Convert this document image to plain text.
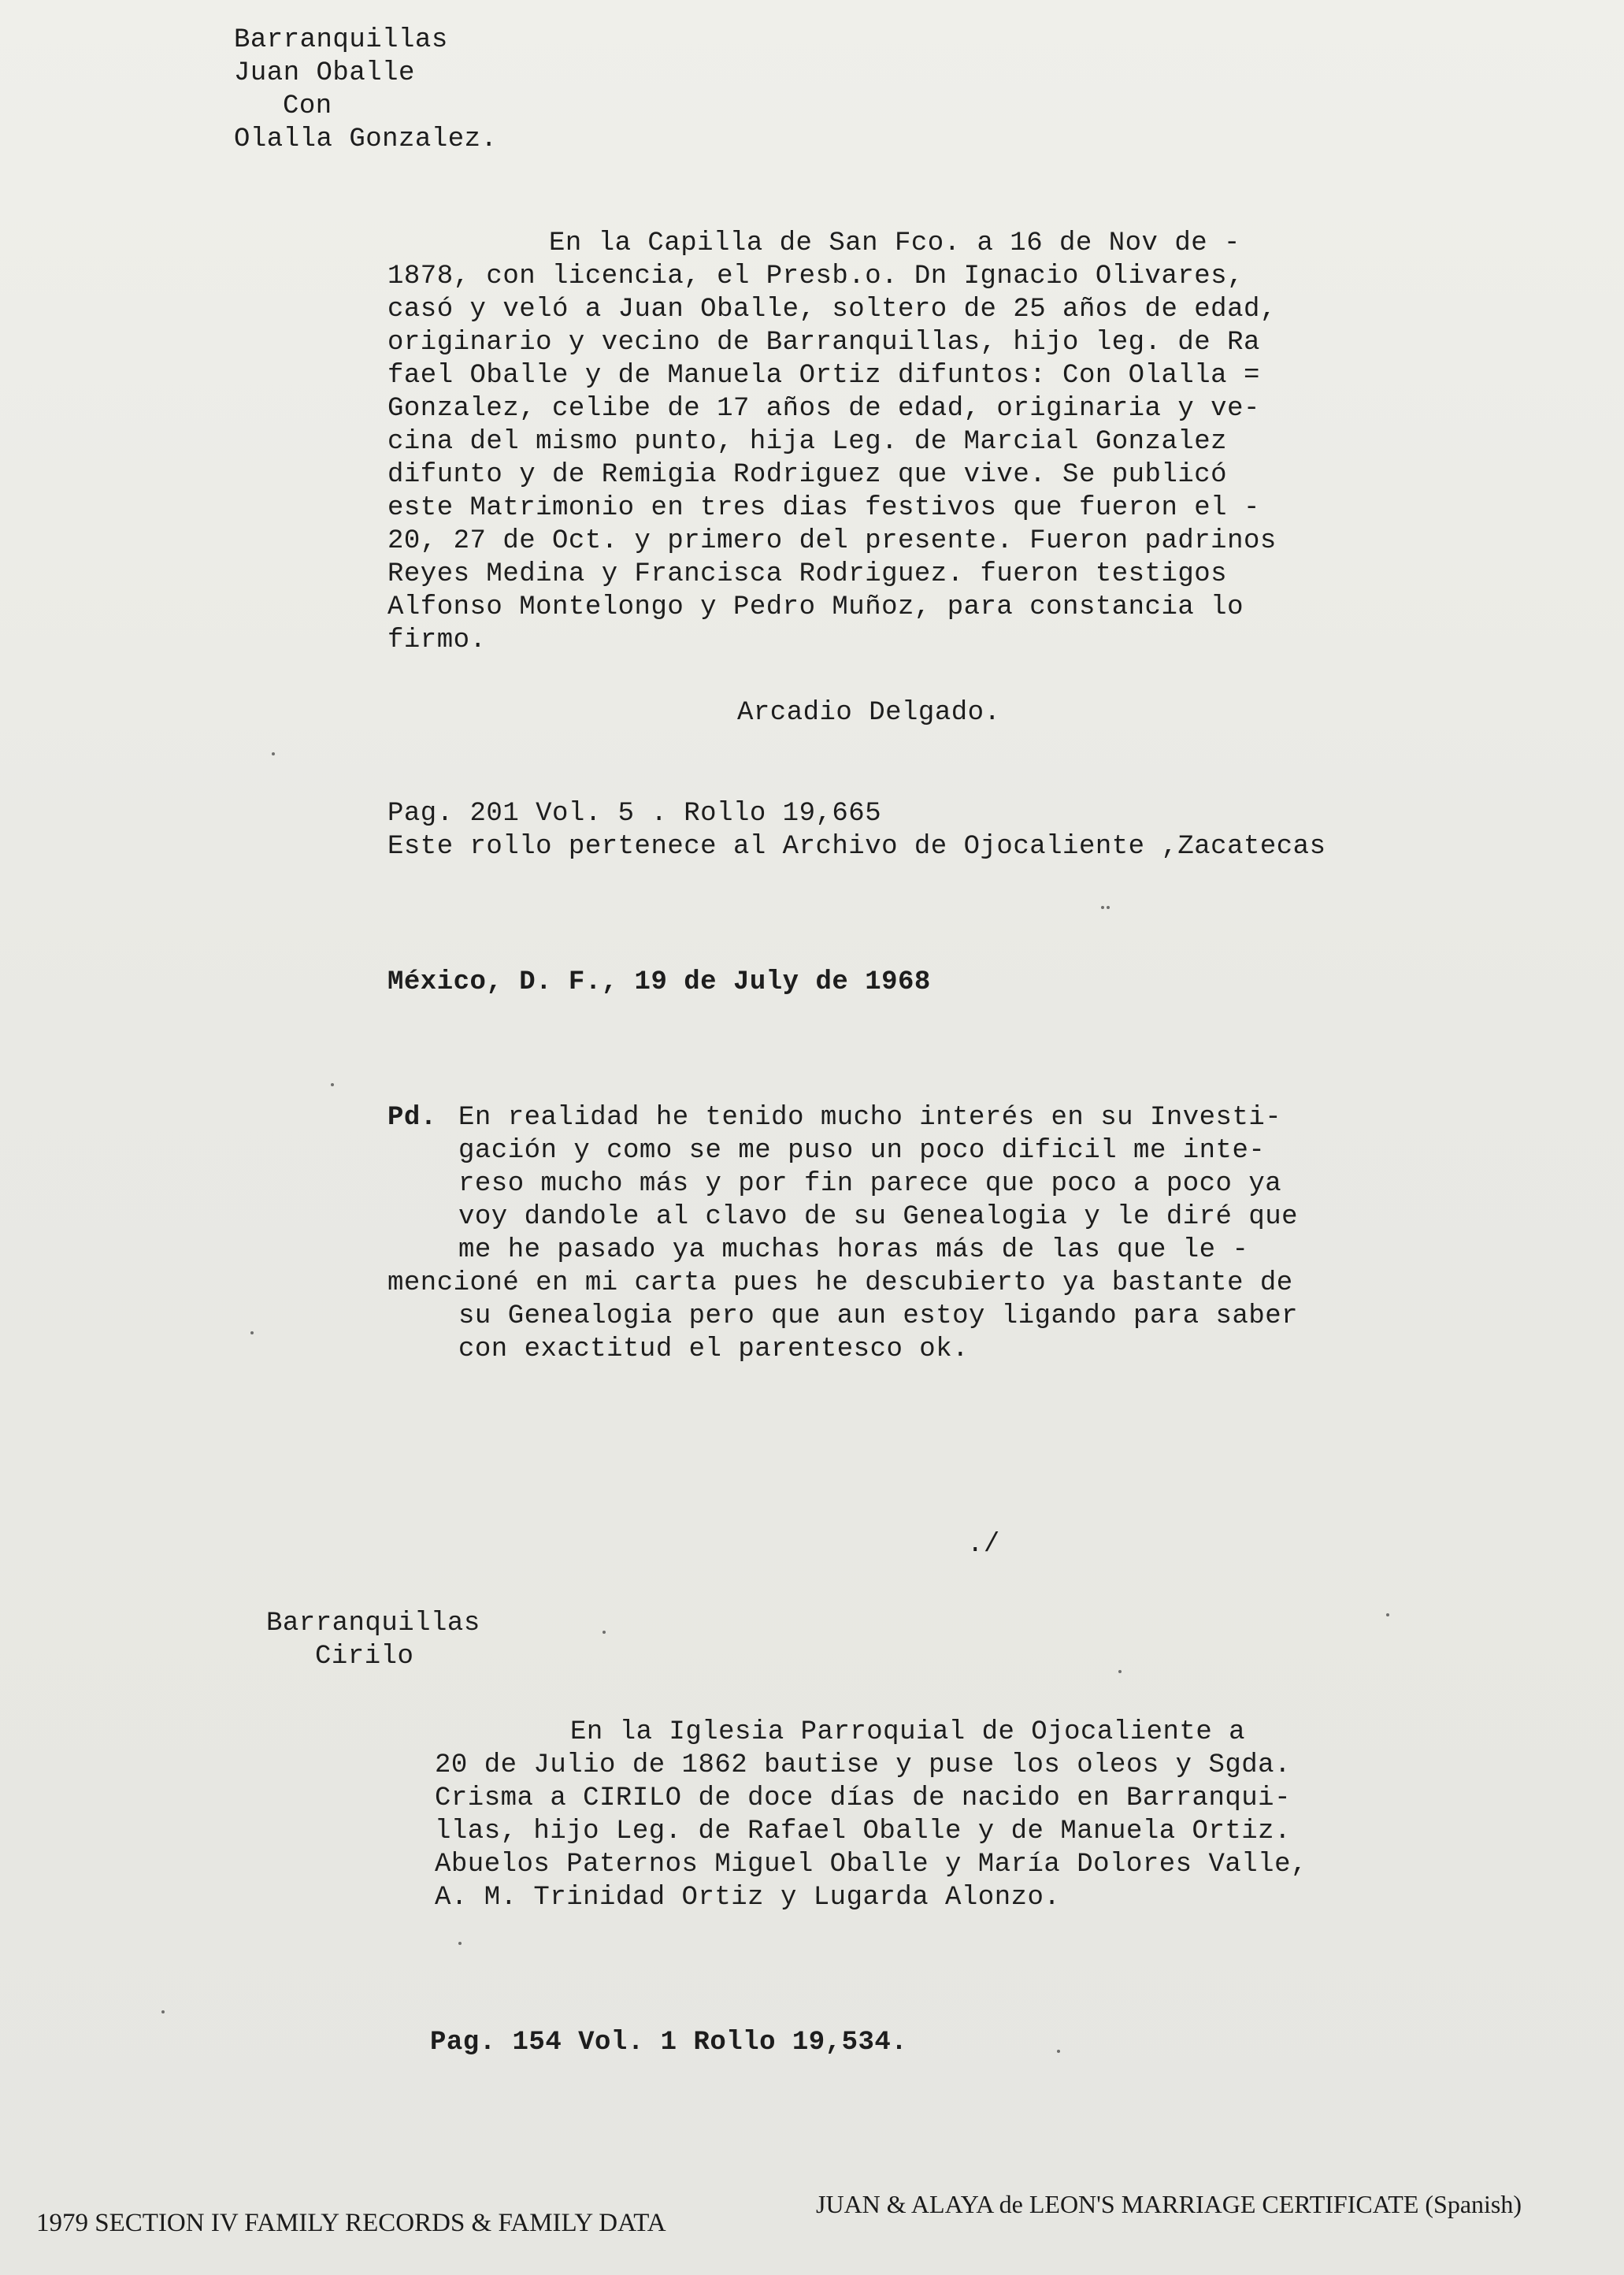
Barranquillas
Juan Oballe
Con
Olalla Gonzalez.
En la Capilla de San Fco. a 16 de Nov de -
1878, con licencia, el Presb.o. Dn Ignacio Olivares,
casó y veló a Juan Oballe, soltero de 25 años de edad,
originario y vecino de Barranquillas, hijo leg. de Ra
fael Oballe y de Manuela Ortiz difuntos: Con Olalla =
Gonzalez, celibe de 17 años de edad, originaria y ve-
cina del mismo punto, hija Leg. de Marcial Gonzalez
difunto y de Remigia Rodriguez que vive. Se publicó
este Matrimonio en tres dias festivos que fueron el -
20, 27 de Oct. y primero del presente. Fueron padrinos
Reyes Medina y Francisca Rodriguez. fueron testigos
Alfonso Montelongo y Pedro Muñoz, para constancia lo
firmo.
Arcadio Delgado.
Pag. 201 Vol. 5 . Rollo 19,665
Este rollo pertenece al Archivo de Ojocaliente ,Zacatecas
México, D. F., 19 de July de 1968
Pd. En realidad he tenido mucho interés en su Investi-
gación y como se me puso un poco dificil me inte-
reso mucho más y por fin parece que poco a poco ya
voy dandole al clavo de su Genealogia y le diré que
me he pasado ya muchas horas más de las que le -
mencioné en mi carta pues he descubierto ya bastante de
su Genealogia pero que aun estoy ligando para saber
con exactitud el parentesco ok.
./
Barranquillas
Cirilo
En la Iglesia Parroquial de Ojocaliente a
20 de Julio de 1862 bautise y puse los oleos y Sgda.
Crisma a CIRILO de doce días de nacido en Barranqui-
llas, hijo Leg. de Rafael Oballe y de Manuela Ortiz.
Abuelos Paternos Miguel Oballe y María Dolores Valle,
A. M. Trinidad Ortiz y Lugarda Alonzo.
Pag. 154 Vol. 1 Rollo 19,534.
1979 SECTION IV FAMILY RECORDS & FAMILY DATA
JUAN & ALAYA de LEON'S MARRIAGE CERTIFICATE (Spanish)
